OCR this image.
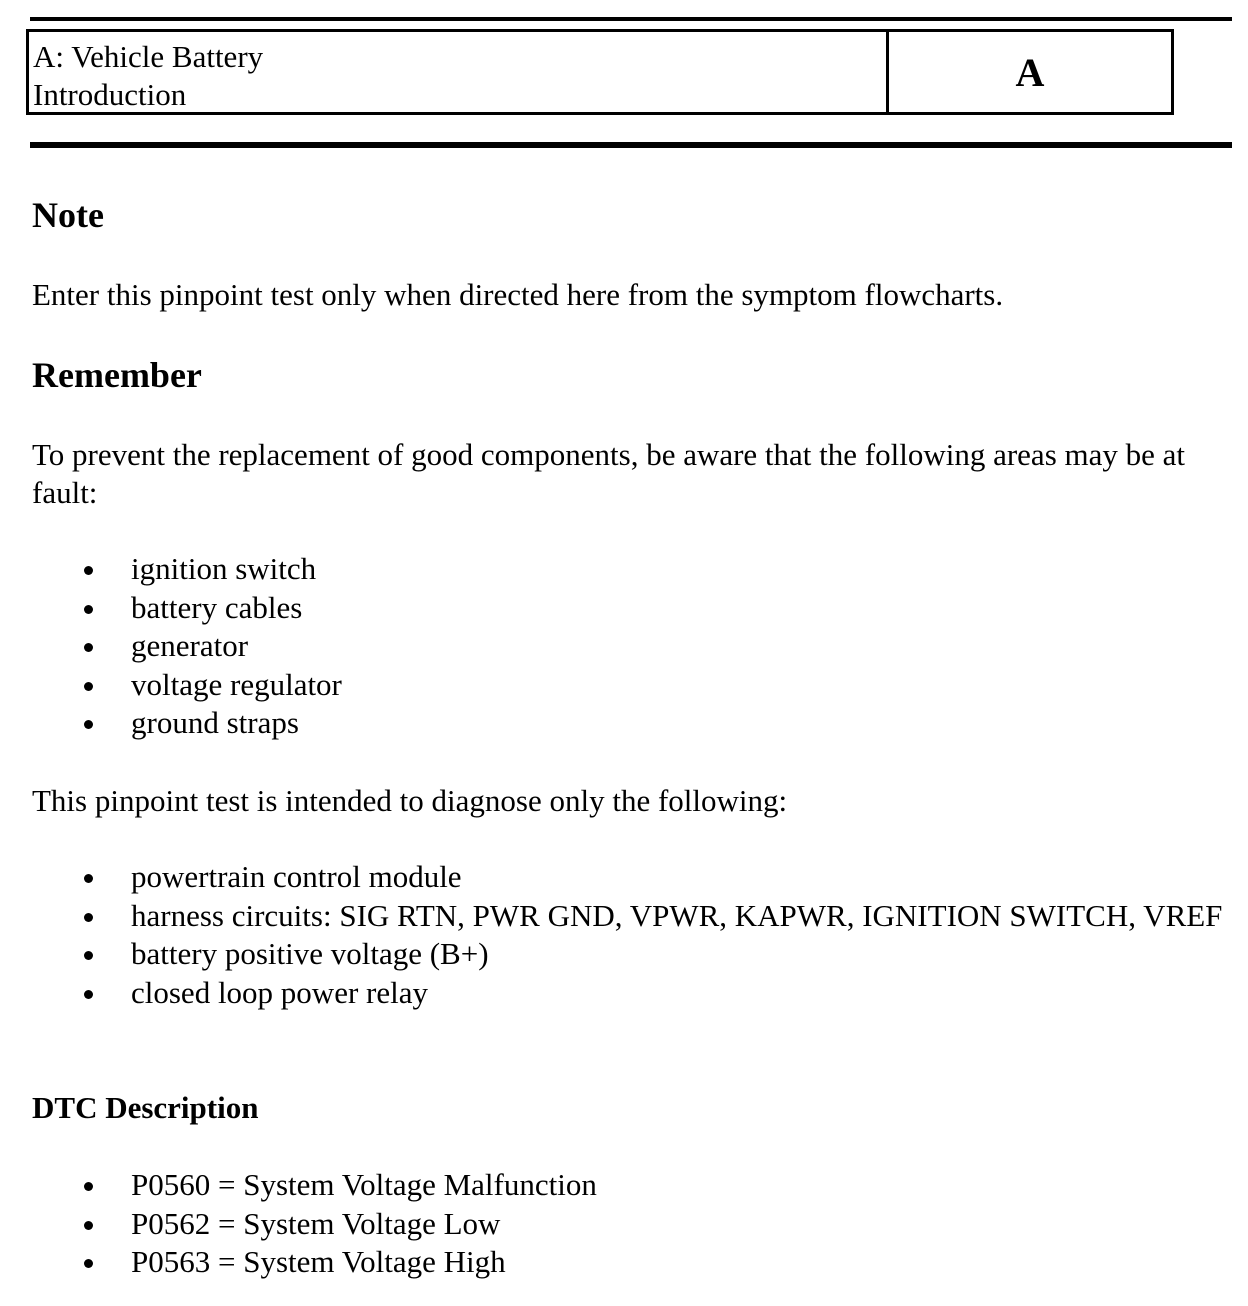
A: Vehicle Battery
Introduction	A
Note
Enter this pinpoint test only when directed here from the symptom flowcharts.
Remember
To prevent the replacement of good components, be aware that the following areas may be at fault:
ignition switch
battery cables
generator
voltage regulator
ground straps
This pinpoint test is intended to diagnose only the following:
powertrain control module
harness circuits: SIG RTN, PWR GND, VPWR, KAPWR, IGNITION SWITCH, VREF
battery positive voltage (B+)
closed loop power relay
DTC Description
P0560 = System Voltage Malfunction
P0562 = System Voltage Low
P0563 = System Voltage High
